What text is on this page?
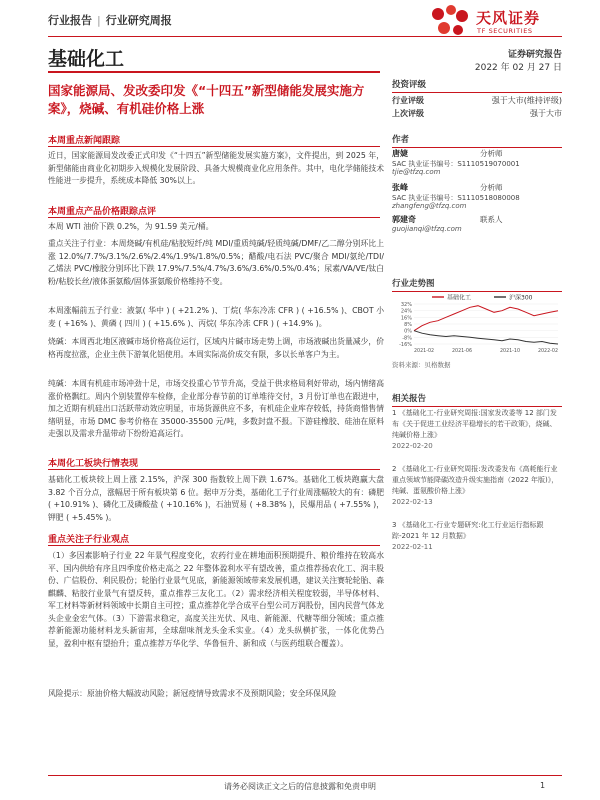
行业报告 | 行业研究周报	天风证券
TF SECURITIES
基础化工	证券研究报告
2022 年 02 月 27 日
国家能源局、发改委印发《“十四五”新型储能发展实施方案》，烧碱、有机硅价格上涨
本周重点新闻跟踪
近日，国家能源局发改委正式印发《“十四五”新型储能发展实施方案》，文件提出，到 2025 年，新型储能由商业化初期步入规模化发展阶段、具备大规模商业化应用条件。其中，电化学储能技术性能进一步提升，系统成本降低 30%以上。
本周重点产品价格跟踪点评
本周 WTI 油价下跌 0.2%，为 91.59 美元/桶。
重点关注子行业：本周烧碱/有机硅/粘胶短纤/纯 MDI/重质纯碱/轻质纯碱/DMF/乙二醇分别环比上涨 12.0%/7.7%/3.1%/2.6%/2.4%/1.9%/1.8%/0.5%；醋酸/电石法 PVC/聚合 MDI/氨纶/TDI/乙烯法 PVC/橡胶分别环比下跌 17.9%/7.5%/4.7%/3.6%/3.6%/0.5%/0.4%；尿素/VA/VE/钛白粉/粘胶长丝/液体蛋氨酸/固体蛋氨酸价格维持不变。
本周涨幅前五子行业：液氯( 华中 ) ( +21.2% )、丁烷( 华东冷冻 CFR ) ( +16.5% )、CBOT 小麦 ( +16% )、黄磷 ( 四川 ) ( +15.6% )、丙烷( 华东冷冻 CFR ) ( +14.9% )。
烧碱：本周西北地区液碱市场价格高位运行，区域内片碱市场走势上调，市场液碱出货量减少，价格再度拉涨，企业主供下游氧化铝使用。本周实际高价成交有限，多以长单客户为主。
纯碱：本周有机硅市场冲劲十足，市场交投重心节节升高，受益于供求格局利好带动，场内情绪高涨价格飘红。周内个别装置停车检修，企业部分春节前的订单堆待交付，3 月份订单也在跟进中，加之近期有机硅出口活跃带动效应明显，市场货源供应不多，有机硅企业库存较低，持货商惜售情绪明显，市场 DMC 参考价格在 35000-35500 元/吨，多数封盘不报。下游硅橡胶、硅油在原料走强以及需求升温带动下纷纷追高运行。
本周化工板块行情表现
基础化工板块较上周上涨 2.15%，沪深 300 指数较上周下跌 1.67%。基础化工板块跑赢大盘 3.82 个百分点，涨幅居于所有板块第 6 位。据申万分类，基础化工子行业周涨幅较大的有：磷肥 ( +10.91% )、磷化工及磷酸盐 ( +10.16% )，石油贸易 ( +8.38% )，民爆用品 ( +7.55% )，钾肥 ( +5.45% )。
重点关注子行业观点
（1）多因素影响子行业 22 年景气程度变化，农药行业在耕地面积预期提升、粮价维持在较高水平、国内供给有序且四季度价格走高之 22 年整体盈利水平有望改善，重点推荐扬农化工、润丰股份、广信股份、利民股份；轮胎行业景气见底，新能源领域带来发展机遇，建议关注赛轮轮胎、森麒麟、粘胶行业景气有望反转，重点推荐三友化工。（2）需求经济相关程度较弱，半导体材料、军工材料等新材料领域中长期自主可控；重点推荐化学合成平台型公司万润股份，国内民营气体龙头企业金宏气体。（3）下游需求稳定，高度关注光伏、风电、新能源、代糖等细分领域；重点推荐新能源功能材料龙头新宙邦，全球甜味剂龙头金禾实业。（4）龙头纵横扩张，一体化优势凸显，盈利中枢有望抬升；重点推荐万华化学、华鲁恒升、新和成（与医药组联合覆盖）。
风险提示：原油价格大幅波动风险；新冠疫情导致需求不及预期风险；安全环保风险
投资评级
行业评级	强于大市(维持评级)
上次评级	强于大市
作者
唐婕	分析师
SAC 执业证书编号：S1110519070001
tjie@tfzq.com
张峰	分析师
SAC 执业证书编号：S1110518080008
zhangfeng@tfzq.com
郭建奇	联系人
guojianqi@tfzq.com
行业走势图
基础化工	沪深300
32%
24%
16%
8%
0%
-8%
-16%
2021-02	2021-06	2021-10	2022-02
资料来源：贝格数据
相关报告
1 《基础化工-行业研究周报:国家发改委等 12 部门发布《关于促进工业经济平稳增长的若干政策》，烧碱、纯碱价格上涨》
2022-02-20
2 《基础化工-行业研究周报:发改委发布《高耗能行业重点领域节能降碳改造升级实施指南（2022 年版)》，纯碱、蛋氨酸价格上涨》
2022-02-13
3 《基础化工-行业专题研究:化工行业运行指标跟踪-2021 年 12 月数据》
2022-02-11
请务必阅读正文之后的信息披露和免责申明	1
